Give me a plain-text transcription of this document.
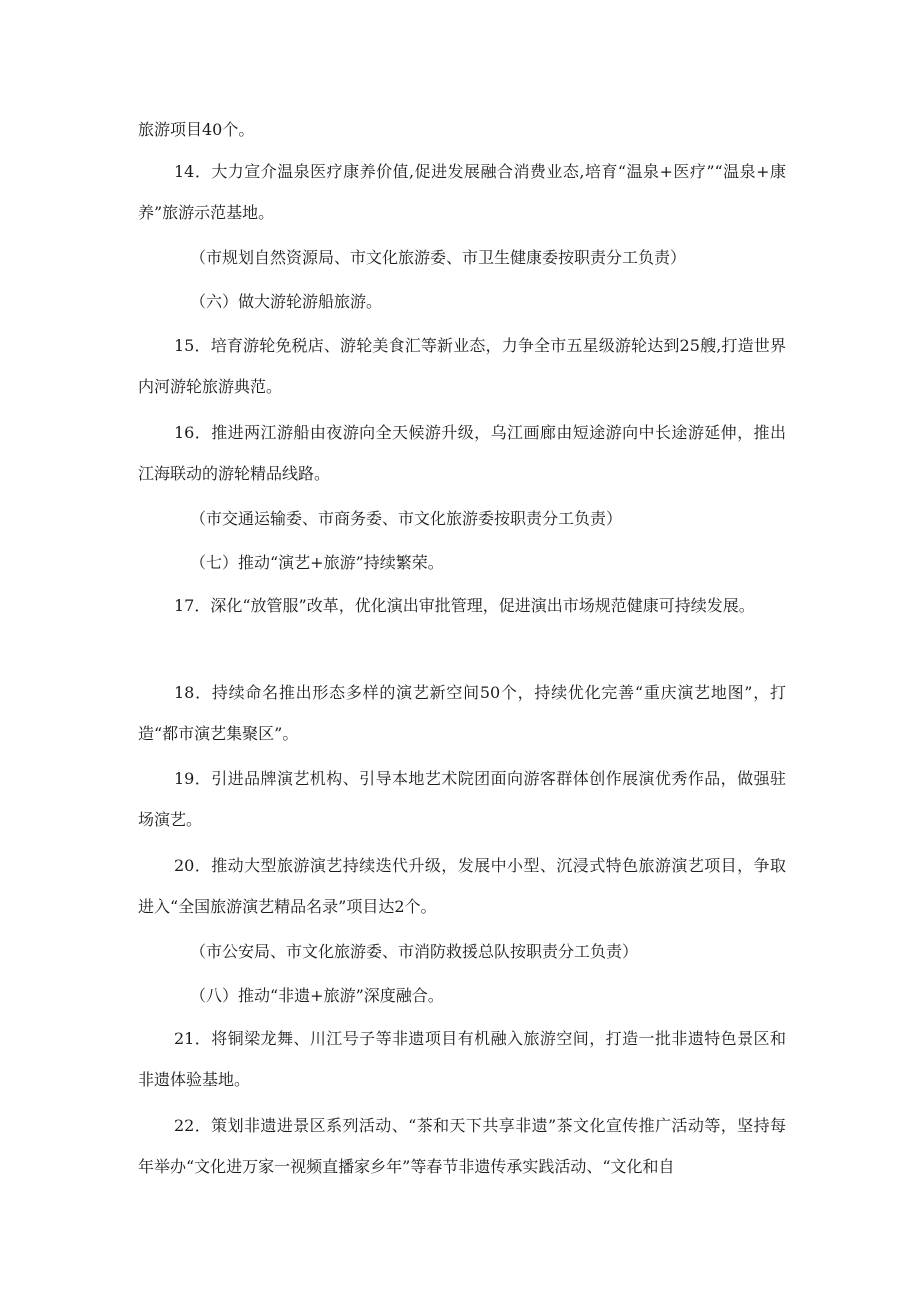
旅游项目40个。

14．大力宣介温泉医疗康养价值,促进发展融合消费业态,培育“温泉+医疗”“温泉+康养”旅游示范基地。

（市规划自然资源局、市文化旅游委、市卫生健康委按职责分工负责）

（六）做大游轮游船旅游。

15．培育游轮免税店、游轮美食汇等新业态，力争全市五星级游轮达到25艘,打造世界内河游轮旅游典范。

16．推进两江游船由夜游向全天候游升级，乌江画廊由短途游向中长途游延伸，推出江海联动的游轮精品线路。

（市交通运输委、市商务委、市文化旅游委按职责分工负责）

（七）推动“演艺+旅游”持续繁荣。

17．深化“放管服”改革，优化演出审批管理，促进演出市场规范健康可持续发展。

18．持续命名推出形态多样的演艺新空间50个，持续优化完善“重庆演艺地图”，打造“都市演艺集聚区”。

19．引进品牌演艺机构、引导本地艺术院团面向游客群体创作展演优秀作品，做强驻场演艺。

20．推动大型旅游演艺持续迭代升级，发展中小型、沉浸式特色旅游演艺项目，争取进入“全国旅游演艺精品名录”项目达2个。

（市公安局、市文化旅游委、市消防救援总队按职责分工负责）

（八）推动“非遗+旅游”深度融合。

21．将铜梁龙舞、川江号子等非遗项目有机融入旅游空间，打造一批非遗特色景区和非遗体验基地。

22．策划非遗进景区系列活动、“茶和天下共享非遗”茶文化宣传推广活动等，坚持每年举办“文化进万家一视频直播家乡年”等春节非遗传承实践活动、“文化和自
